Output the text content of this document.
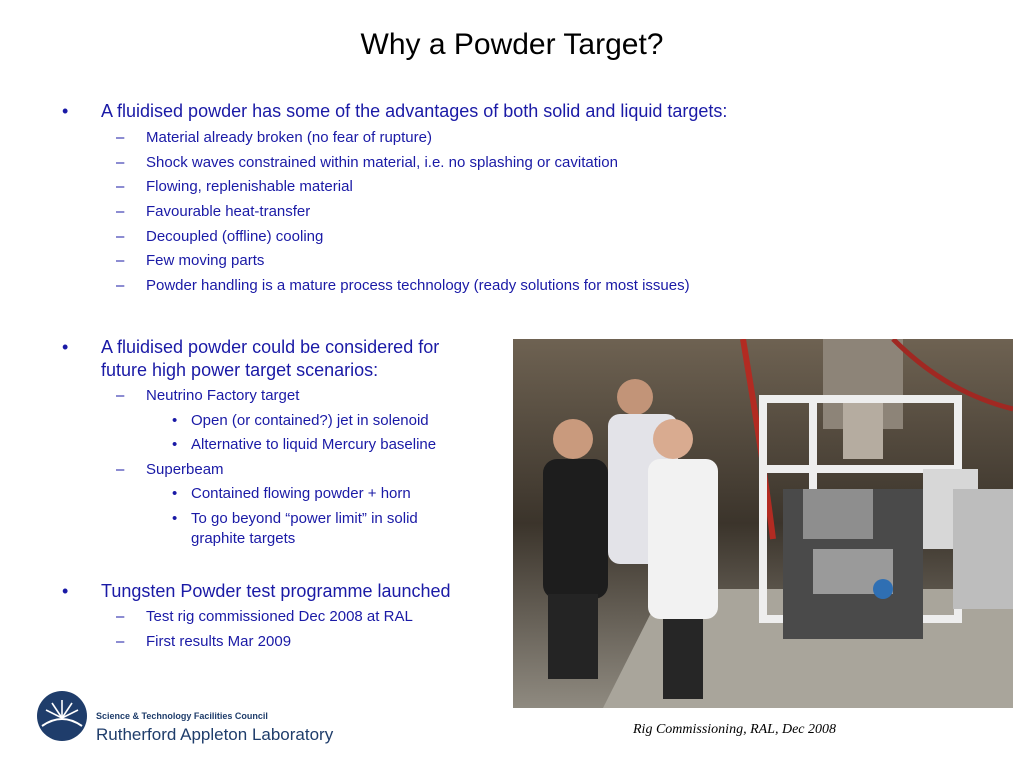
Why a Powder Target?
• A fluidised powder has some of the advantages of both solid and liquid targets:
– Material already broken (no fear of rupture)
– Shock waves constrained within material, i.e. no splashing or cavitation
– Flowing, replenishable material
– Favourable heat-transfer
– Decoupled (offline) cooling
– Few moving parts
– Powder handling is a mature process technology (ready solutions for most issues)
• A fluidised powder could be considered for
future high power target scenarios:
– Neutrino Factory target
• Open (or contained?) jet in solenoid
• Alternative to liquid Mercury baseline
– Superbeam
• Contained flowing powder + horn
• To go beyond “power limit” in solid
graphite targets
• Tungsten Powder test programme launched
– Test rig commissioned Dec 2008 at RAL
– First results Mar 2009
Rig Commissioning, RAL, Dec 2008
Science & Technology Facilities Council
Rutherford Appleton Laboratory
